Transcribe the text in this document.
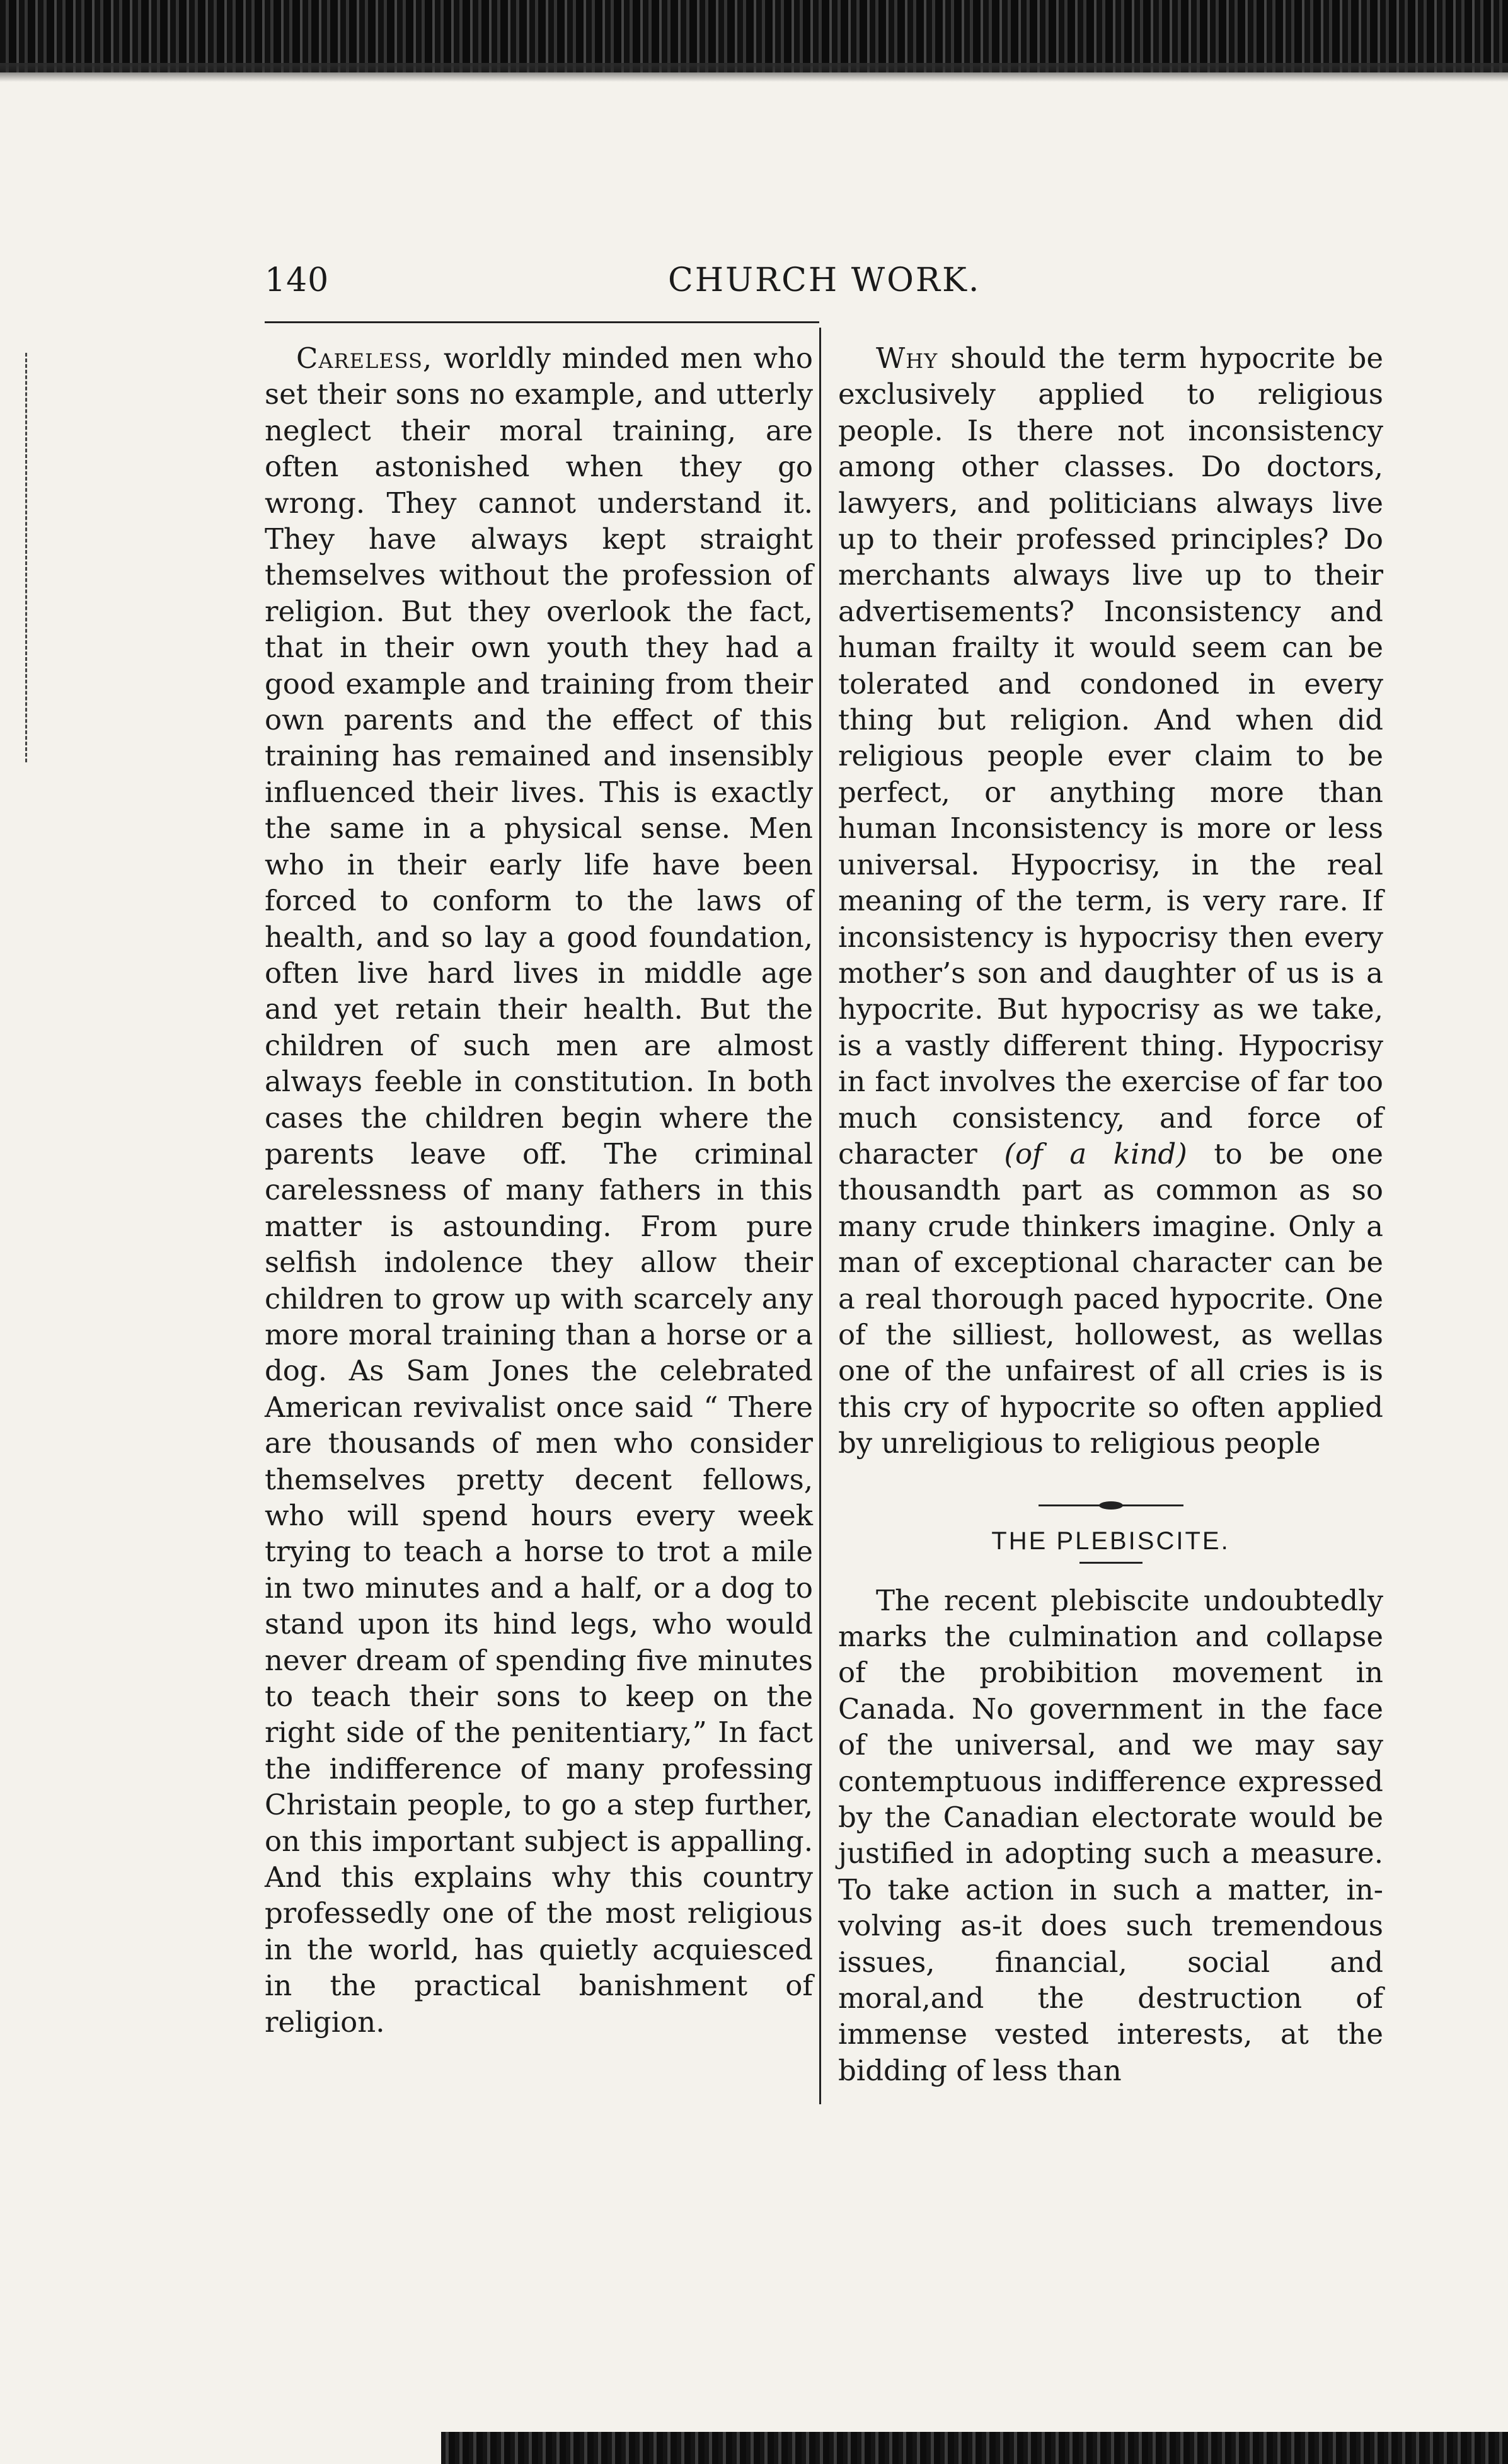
140	CHURCH WORK.

Careless, worldly minded men who set their sons no example, and utterly neglect their moral training, are often astonished when they go wrong. They cannot understand it. They have always kept straight themselves without the profession of religion. But they overlook the fact, that in their own youth they had a good example and training from their own parents and the effect of this training has remained and insensibly influenced their lives. This is exactly the same in a physical sense. Men who in their early life have been forced to conform to the laws of health, and so lay a good foundation, often live hard lives in middle age and yet retain their health. But the children of such men are almost always feeble in constitution. In both cases the children begin where the parents leave off. The criminal carelessness of many fathers in this matter is astounding. From pure selfish indolence they allow their children to grow up with scarcely any more moral training than a horse or a dog. As Sam Jones the celebrated American revivalist once said “ There are thousands of men who consider themselves pretty decent fellows, who will spend hours every week trying to teach a horse to trot a mile in two minutes and a half, or a dog to stand upon its hind legs, who would never dream of spending five minutes to teach their sons to keep on the right side of the penitentiary,” In fact the indifference of many professing Christain people, to go a step further, on this important subject is appalling. And this explains why this country professedly one of the most religious in the world, has quietly acquiesced in the practical banishment of religion.

Why should the term hypocrite be exclusively applied to religious people. Is there not inconsistency among other classes. Do doctors, lawyers, and politicians always live up to their professed principles? Do merchants always live up to their advertisements? Inconsistency and human frailty it would seem can be tolerated and condoned in every thing but religion. And when did religious people ever claim to be perfect, or anything more than human Inconsistency is more or less universal. Hypocrisy, in the real meaning of the term, is very rare. If inconsistency is hypocrisy then every mother’s son and daughter of us is a hypocrite. But hypocrisy as we take, is a vastly different thing. Hypocrisy in fact involves the exercise of far too much consistency, and force of character (of a kind) to be one thousandth part as common as so many crude thinkers imagine. Only a man of exceptional character can be a real thorough paced hypocrite. One of the silliest, hollowest, as wellas one of the unfairest of all cries is is this cry of hypocrite so often applied by unreligious to religious people

THE PLEBISCITE.

The recent plebiscite undoubtedly marks the culmination and collapse of the probibition movement in Canada. No government in the face of the universal, and we may say contemptuous indifference expressed by the Canadian electorate would be justified in adopting such a measure. To take action in such a matter, involving as-it does such tremendous issues, financial, social and moral,and the destruction of immense vested interests, at the bidding of less than
